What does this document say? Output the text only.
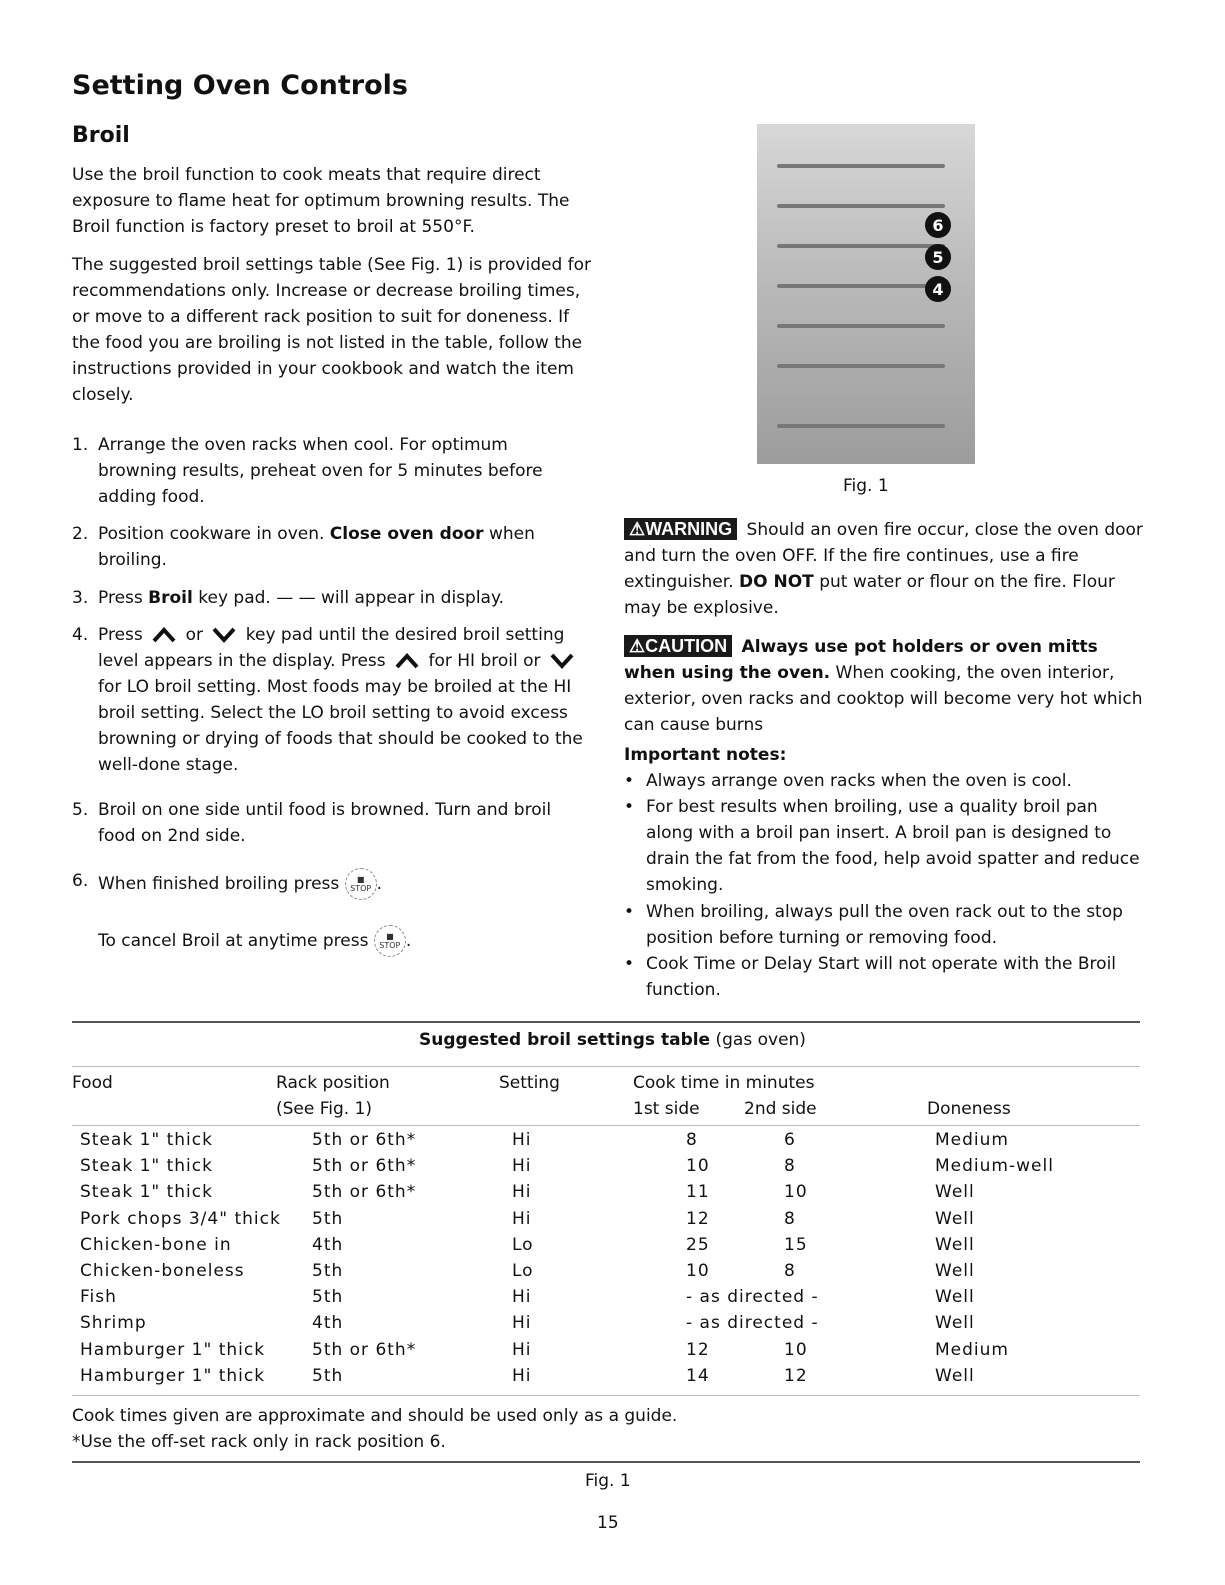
Setting Oven Controls
Broil

Use the broil function to cook meats that require direct exposure to flame heat for optimum browning results. The Broil function is factory preset to broil at 550°F.

The suggested broil settings table (See Fig. 1) is provided for recommendations only. Increase or decrease broiling times, or move to a different rack position to suit for doneness. If the food you are broiling is not listed in the table, follow the instructions provided in your cookbook and watch the item closely.

1. Arrange the oven racks when cool. For optimum browning results, preheat oven for 5 minutes before adding food.
2. Position cookware in oven. Close oven door when broiling.
3. Press Broil key pad. — — will appear in display.
4. Press	or	key pad until the desired broil setting level appears in the display. Press	for HI broil or  for LO broil setting. Most foods may be broiled at the HI broil setting. Select the LO broil setting to avoid excess browning or drying of foods that should be cooked to the well-done stage.
5. Broil on one side until food is browned. Turn and broil food on 2nd side.
6. When finished broiling press ■
STOP .
To cancel Broil at anytime press ■
STOP .
6
5
4
Fig. 1
⚠WARNING Should an oven fire occur, close the oven door and turn the oven OFF. If the fire continues, use a fire extinguisher. DO NOT put water or flour on the fire. Flour may be explosive.
⚠CAUTION Always use pot holders or oven mitts when using the oven. When cooking, the oven interior, exterior, oven racks and cooktop will become very hot which can cause burns
Important notes:
• Always arrange oven racks when the oven is cool.
• For best results when broiling, use a quality broil pan along with a broil pan insert. A broil pan is designed to drain the fat from the food, help avoid spatter and reduce smoking.
• When broiling, always pull the oven rack out to the stop position before turning or removing food.
• Cook Time or Delay Start will not operate with the Broil function.
Suggested broil settings table (gas oven)
Food	Rack position
(See Fig. 1)
Setting	Cook time in minutes
1st side	2nd side	Doneness
Steak 1" thick	5th or 6th*	Hi	8	6	Medium
Steak 1" thick	5th or 6th*	Hi	10	8	Medium-well
Steak 1" thick	5th or 6th*	Hi	11	10	Well
Pork chops 3/4" thick 5th	Hi	12	8	Well
Chicken-bone in	4th	Lo	25	15	Well
Chicken-boneless	5th	Lo	10	8	Well
Fish	5th	Hi	- as directed -	Well
Shrimp	4th	Hi	- as directed -	Well
Hamburger 1" thick	5th or 6th*	Hi	12	10	Medium
Hamburger 1" thick	5th	Hi	14	12	Well
Cook times given are approximate and should be used only as a guide.
*Use the off-set rack only in rack position 6.
Fig. 1
15
